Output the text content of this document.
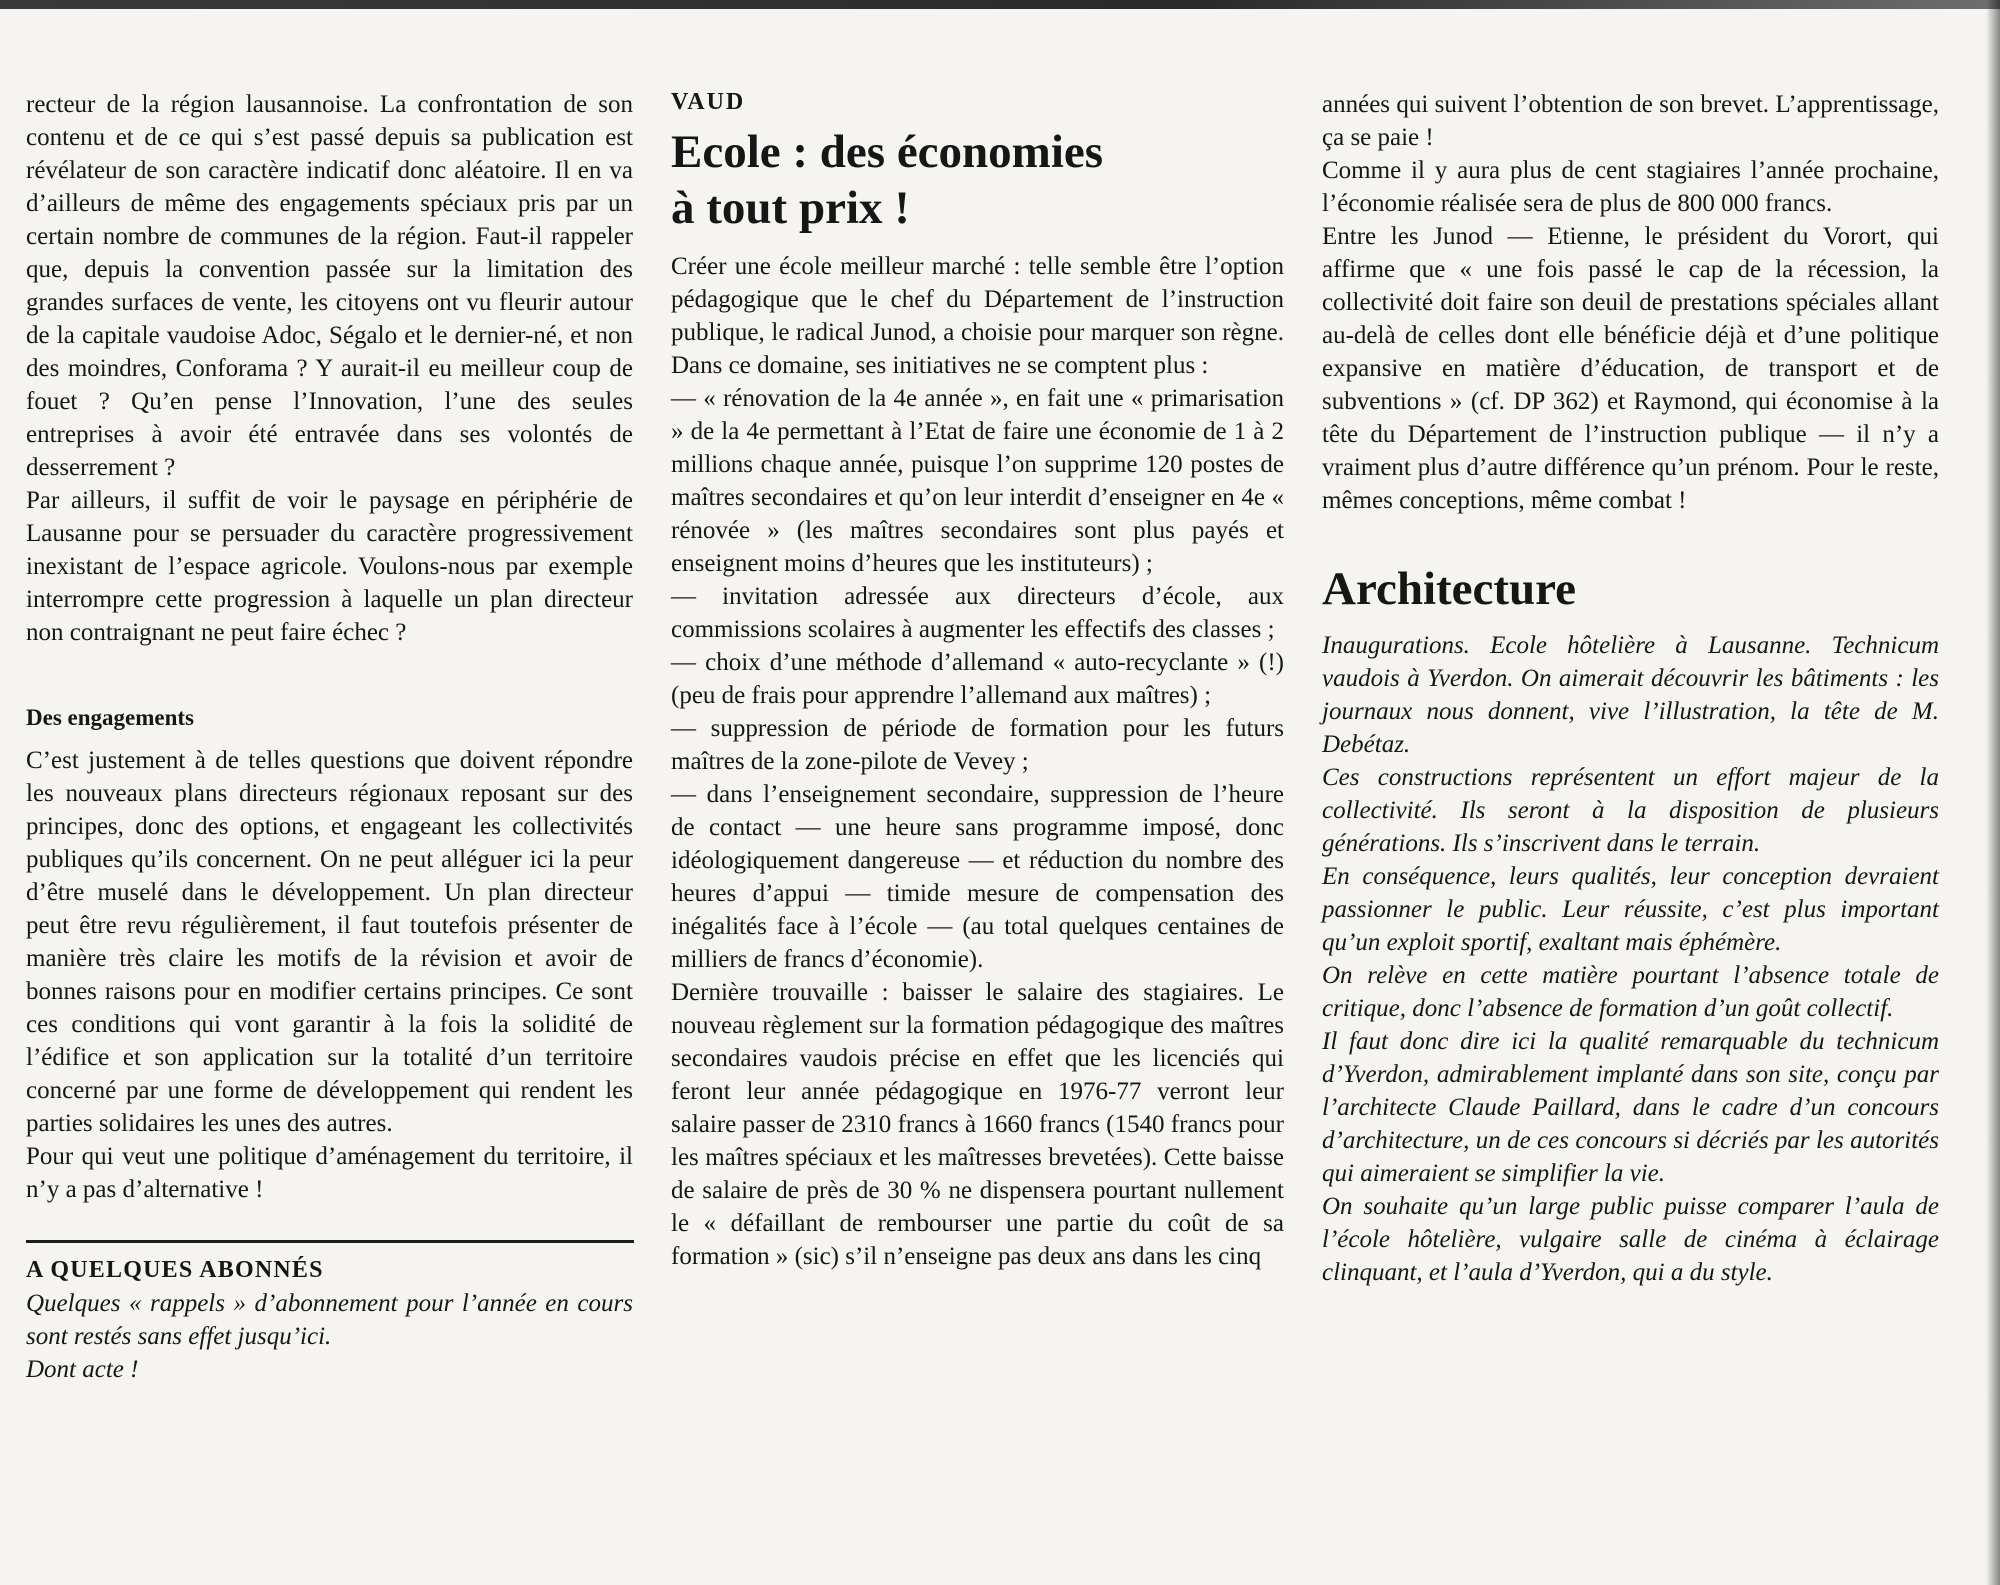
recteur de la région lausannoise. La confrontation de son contenu et de ce qui s’est passé depuis sa publication est révélateur de son caractère indicatif donc aléatoire. Il en va d’ailleurs de même des engagements spéciaux pris par un certain nombre de communes de la région. Faut-il rappeler que, depuis la convention passée sur la limitation des grandes surfaces de vente, les citoyens ont vu fleurir autour de la capitale vaudoise Adoc, Ségalo et le dernier-né, et non des moindres, Conforama ? Y aurait-il eu meilleur coup de fouet ? Qu’en pense l’Innovation, l’une des seules entreprises à avoir été entravée dans ses volontés de desserrement ?

Par ailleurs, il suffit de voir le paysage en périphérie de Lausanne pour se persuader du caractère progressivement inexistant de l’espace agricole. Voulons-nous par exemple interrompre cette progression à laquelle un plan directeur non contraignant ne peut faire échec ?

Des engagements

C’est justement à de telles questions que doivent répondre les nouveaux plans directeurs régionaux reposant sur des principes, donc des options, et engageant les collectivités publiques qu’ils concernent. On ne peut alléguer ici la peur d’être muselé dans le développement. Un plan directeur peut être revu régulièrement, il faut toutefois présenter de manière très claire les motifs de la révision et avoir de bonnes raisons pour en modifier certains principes. Ce sont ces conditions qui vont garantir à la fois la solidité de l’édifice et son application sur la totalité d’un territoire concerné par une forme de développement qui rendent les parties solidaires les unes des autres.

Pour qui veut une politique d’aménagement du territoire, il n’y a pas d’alternative !

A QUELQUES ABONNÉS

Quelques « rappels » d’abonnement pour l’année en cours sont restés sans effet jusqu’ici.

Dont acte !

VAUD
Ecole : des économies
à tout prix !

Créer une école meilleur marché : telle semble être l’option pédagogique que le chef du Département de l’instruction publique, le radical Junod, a choisie pour marquer son règne. Dans ce domaine, ses initiatives ne se comptent plus :

— « rénovation de la 4e année », en fait une « primarisation » de la 4e permettant à l’Etat de faire une économie de 1 à 2 millions chaque année, puisque l’on supprime 120 postes de maîtres secondaires et qu’on leur interdit d’enseigner en 4e « rénovée » (les maîtres secondaires sont plus payés et enseignent moins d’heures que les instituteurs) ;

— invitation adressée aux directeurs d’école, aux commissions scolaires à augmenter les effectifs des classes ;

— choix d’une méthode d’allemand « auto-recyclante » (!) (peu de frais pour apprendre l’allemand aux maîtres) ;

— suppression de période de formation pour les futurs maîtres de la zone-pilote de Vevey ;

— dans l’enseignement secondaire, suppression de l’heure de contact — une heure sans programme imposé, donc idéologiquement dangereuse — et réduction du nombre des heures d’appui — timide mesure de compensation des inégalités face à l’école — (au total quelques centaines de milliers de francs d’économie).

Dernière trouvaille : baisser le salaire des stagiaires. Le nouveau règlement sur la formation pédagogique des maîtres secondaires vaudois précise en effet que les licenciés qui feront leur année pédagogique en 1976-77 verront leur salaire passer de 2310 francs à 1660 francs (1540 francs pour les maîtres spéciaux et les maîtresses brevetées). Cette baisse de salaire de près de 30 % ne dispensera pourtant nullement le « défaillant de rembourser une partie du coût de sa formation » (sic) s’il n’enseigne pas deux ans dans les cinq

années qui suivent l’obtention de son brevet. L’apprentissage, ça se paie !

Comme il y aura plus de cent stagiaires l’année prochaine, l’économie réalisée sera de plus de 800 000 francs.

Entre les Junod — Etienne, le président du Vorort, qui affirme que « une fois passé le cap de la récession, la collectivité doit faire son deuil de prestations spéciales allant au-delà de celles dont elle bénéficie déjà et d’une politique expansive en matière d’éducation, de transport et de subventions » (cf. DP 362) et Raymond, qui économise à la tête du Département de l’instruction publique — il n’y a vraiment plus d’autre différence qu’un prénom. Pour le reste, mêmes conceptions, même combat !

Architecture

Inaugurations. Ecole hôtelière à Lausanne. Technicum vaudois à Yverdon. On aimerait découvrir les bâtiments : les journaux nous donnent, vive l’illustration, la tête de M. Debétaz.

Ces constructions représentent un effort majeur de la collectivité. Ils seront à la disposition de plusieurs générations. Ils s’inscrivent dans le terrain.

En conséquence, leurs qualités, leur conception devraient passionner le public. Leur réussite, c’est plus important qu’un exploit sportif, exaltant mais éphémère.

On relève en cette matière pourtant l’absence totale de critique, donc l’absence de formation d’un goût collectif.

Il faut donc dire ici la qualité remarquable du technicum d’Yverdon, admirablement implanté dans son site, conçu par l’architecte Claude Paillard, dans le cadre d’un concours d’architecture, un de ces concours si décriés par les autorités qui aimeraient se simplifier la vie.

On souhaite qu’un large public puisse comparer l’aula de l’école hôtelière, vulgaire salle de cinéma à éclairage clinquant, et l’aula d’Yverdon, qui a du style.
